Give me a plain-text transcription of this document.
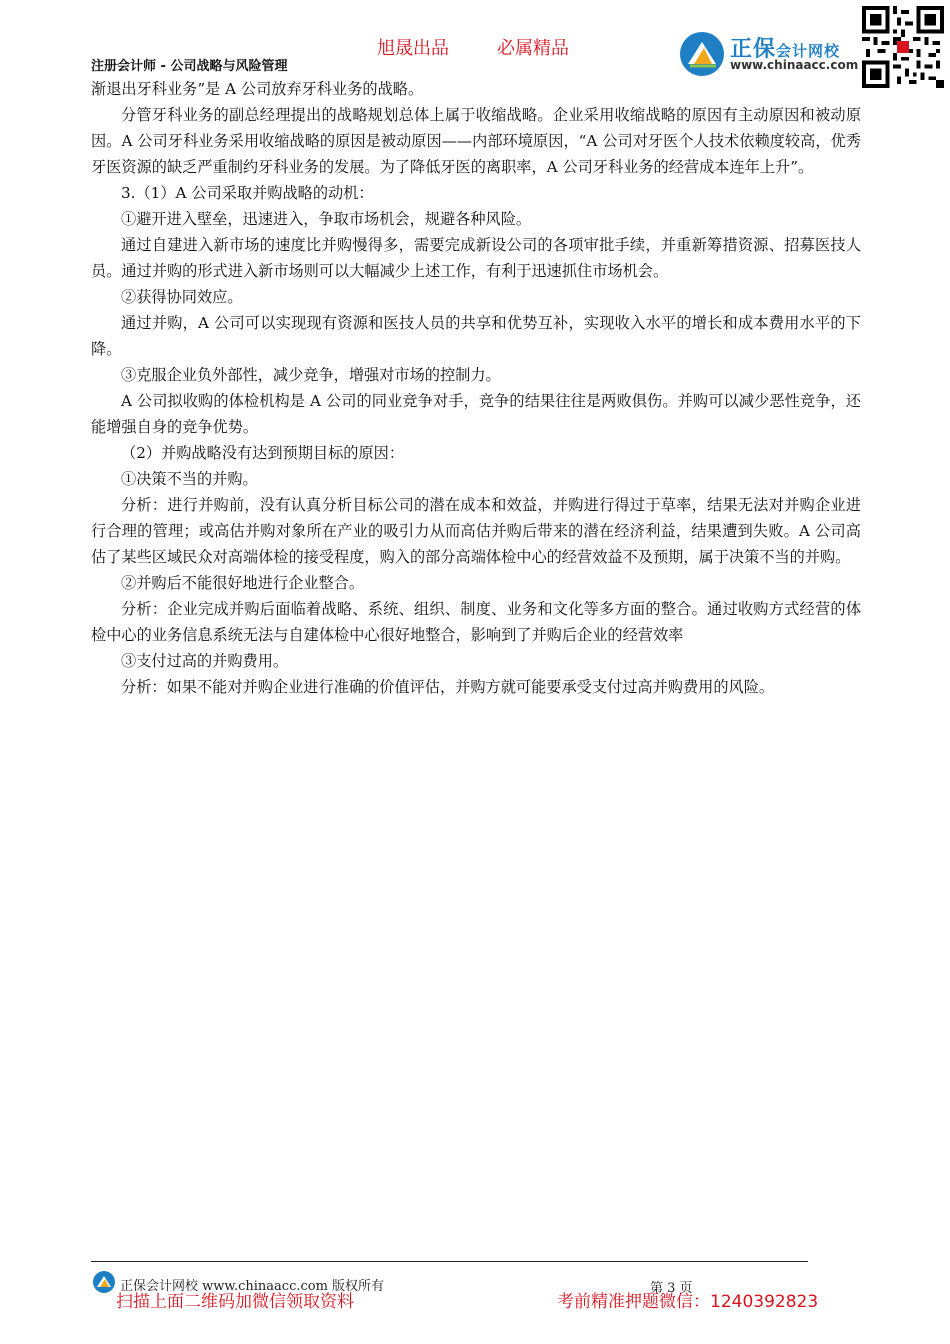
注册会计师 - 公司战略与风险管理
旭晟出品	必属精品	正保会计网校
www.chinaacc.com

渐退出牙科业务”是 A 公司放弃牙科业务的战略。

分管牙科业务的副总经理提出的战略规划总体上属于收缩战略。企业采用收缩战略的原因有主动原因和被动原因。A 公司牙科业务采用收缩战略的原因是被动原因——内部环境原因，“A 公司对牙医个人技术依赖度较高，优秀牙医资源的缺乏严重制约牙科业务的发展。为了降低牙医的离职率，A 公司牙科业务的经营成本连年上升”。

3.（1）A 公司采取并购战略的动机：

①避开进入壁垒，迅速进入，争取市场机会，规避各种风险。

通过自建进入新市场的速度比并购慢得多，需要完成新设公司的各项审批手续，并重新筹措资源、招募医技人员。通过并购的形式进入新市场则可以大幅减少上述工作，有利于迅速抓住市场机会。

②获得协同效应。

通过并购，A 公司可以实现现有资源和医技人员的共享和优势互补，实现收入水平的增长和成本费用水平的下降。

③克服企业负外部性，减少竞争，增强对市场的控制力。

A 公司拟收购的体检机构是 A 公司的同业竞争对手，竞争的结果往往是两败俱伤。并购可以减少恶性竞争，还能增强自身的竞争优势。

（2）并购战略没有达到预期目标的原因：

①决策不当的并购。

分析：进行并购前，没有认真分析目标公司的潜在成本和效益，并购进行得过于草率，结果无法对并购企业进行合理的管理；或高估并购对象所在产业的吸引力从而高估并购后带来的潜在经济利益，结果遭到失败。A 公司高估了某些区域民众对高端体检的接受程度，购入的部分高端体检中心的经营效益不及预期，属于决策不当的并购。

②并购后不能很好地进行企业整合。

分析：企业完成并购后面临着战略、系统、组织、制度、业务和文化等多方面的整合。通过收购方式经营的体检中心的业务信息系统无法与自建体检中心很好地整合，影响到了并购后企业的经营效率

③支付过高的并购费用。

分析：如果不能对并购企业进行准确的价值评估，并购方就可能要承受支付过高并购费用的风险。

正保会计网校 www.chinaacc.com 版权所有	第 3 页
扫描上面二维码加微信领取资料	考前精准押题微信：1240392823
